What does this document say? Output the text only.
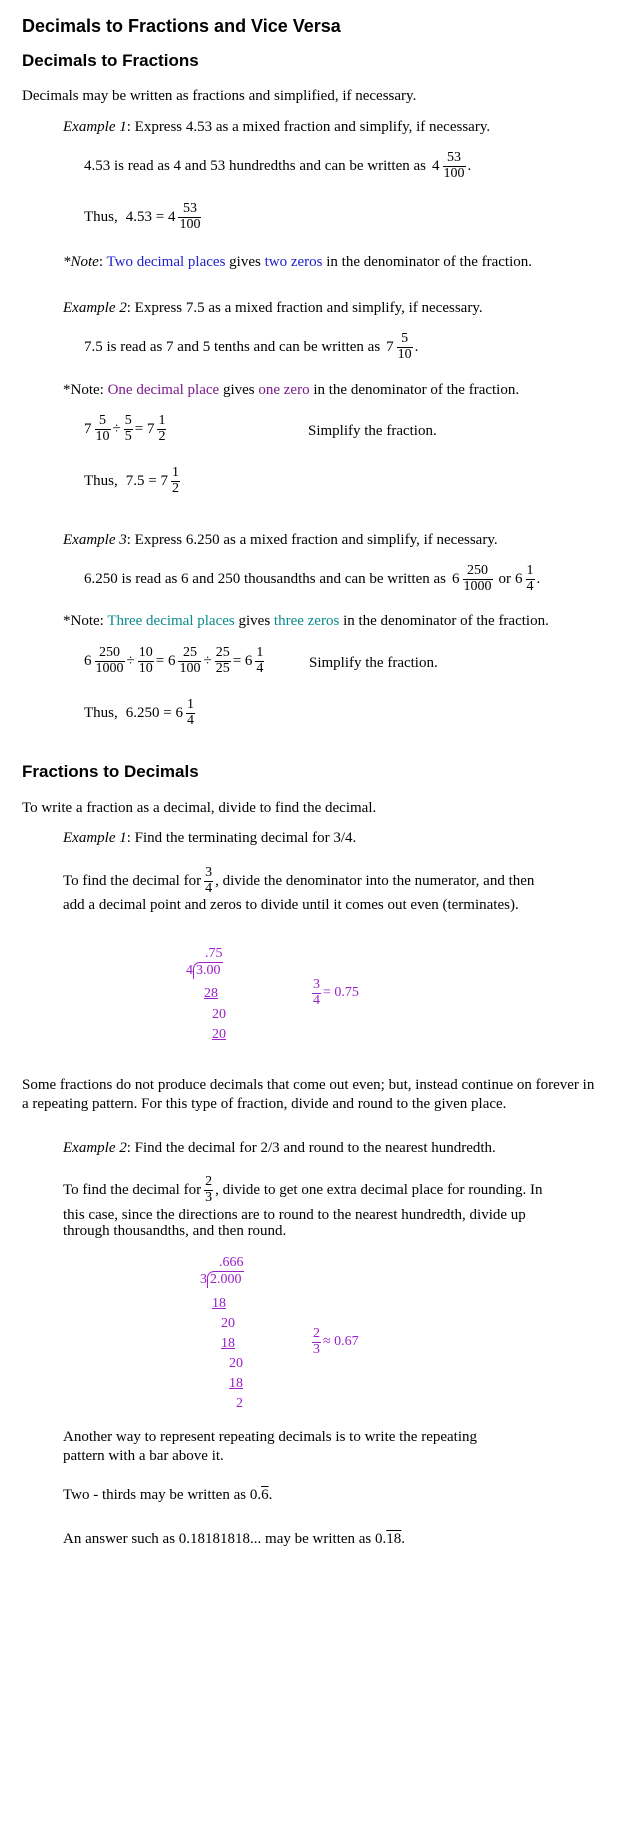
Decimals to Fractions and Vice Versa
Decimals to Fractions
Decimals may be written as fractions and simplified, if necessary.
Example 1: Express 4.53 as a mixed fraction and simplify, if necessary.
4.53 is read as 4 and 53 hundredths and can be written as $4 \frac{53}{100}$ .
Thus, $4.53 = 4 \frac{53}{100}$
*Note: Two decimal places gives two zeros in the denominator of the fraction.
Example 2: Express 7.5 as a mixed fraction and simplify, if necessary.
7.5 is read as 7 and 5 tenths and can be written as $7 \frac{5}{10}$ .
*Note: One decimal place gives one zero in the denominator of the fraction.
$7 \frac{5}{10} \div \frac{5}{5} = 7 \frac{1}{2}$	Simplify the fraction.
Thus, $7.5 = 7 \frac{1}{2}$
Example 3: Express 6.250 as a mixed fraction and simplify, if necessary.
6.250 is read as 6 and 250 thousandths and can be written as $6 \frac{250}{1000}$ or $6 \frac{1}{4}$ .
*Note: Three decimal places gives three zeros in the denominator of the fraction.
$6 \frac{250}{1000} \div \frac{10}{10} = 6 \frac{25}{100} \div \frac{25}{25} = 6 \frac{1}{4}$	Simplify the fraction.
Thus, $6.250 = 6 \frac{1}{4}$
Fractions to Decimals
To write a fraction as a decimal, divide to find the decimal.
Example 1: Find the terminating decimal for 3/4.
To find the decimal for $\frac{3}{4}$ , divide the denominator into the numerator, and then
add a decimal point and zeros to divide until it comes out even (terminates).
.75
4 3.00
28
20
20
$\frac{3}{4} = 0.75$
Some fractions do not produce decimals that come out even; but, instead continue on forever in a repeating pattern. For this type of fraction, divide and round to the given place.
Example 2: Find the decimal for 2/3 and round to the nearest hundredth.
To find the decimal for $\frac{2}{3}$ , divide to get one extra decimal place for rounding. In
this case, since the directions are to round to the nearest hundredth, divide up
through thousandths, and then round.
.666
3 2.000
18
20
18
20
18
2
$\frac{2}{3} \approx 0.67$
Another way to represent repeating decimals is to write the repeating pattern with a bar above it.
Two - thirds may be written as 0.6.
An answer such as 0.18181818... may be written as 0.18.
